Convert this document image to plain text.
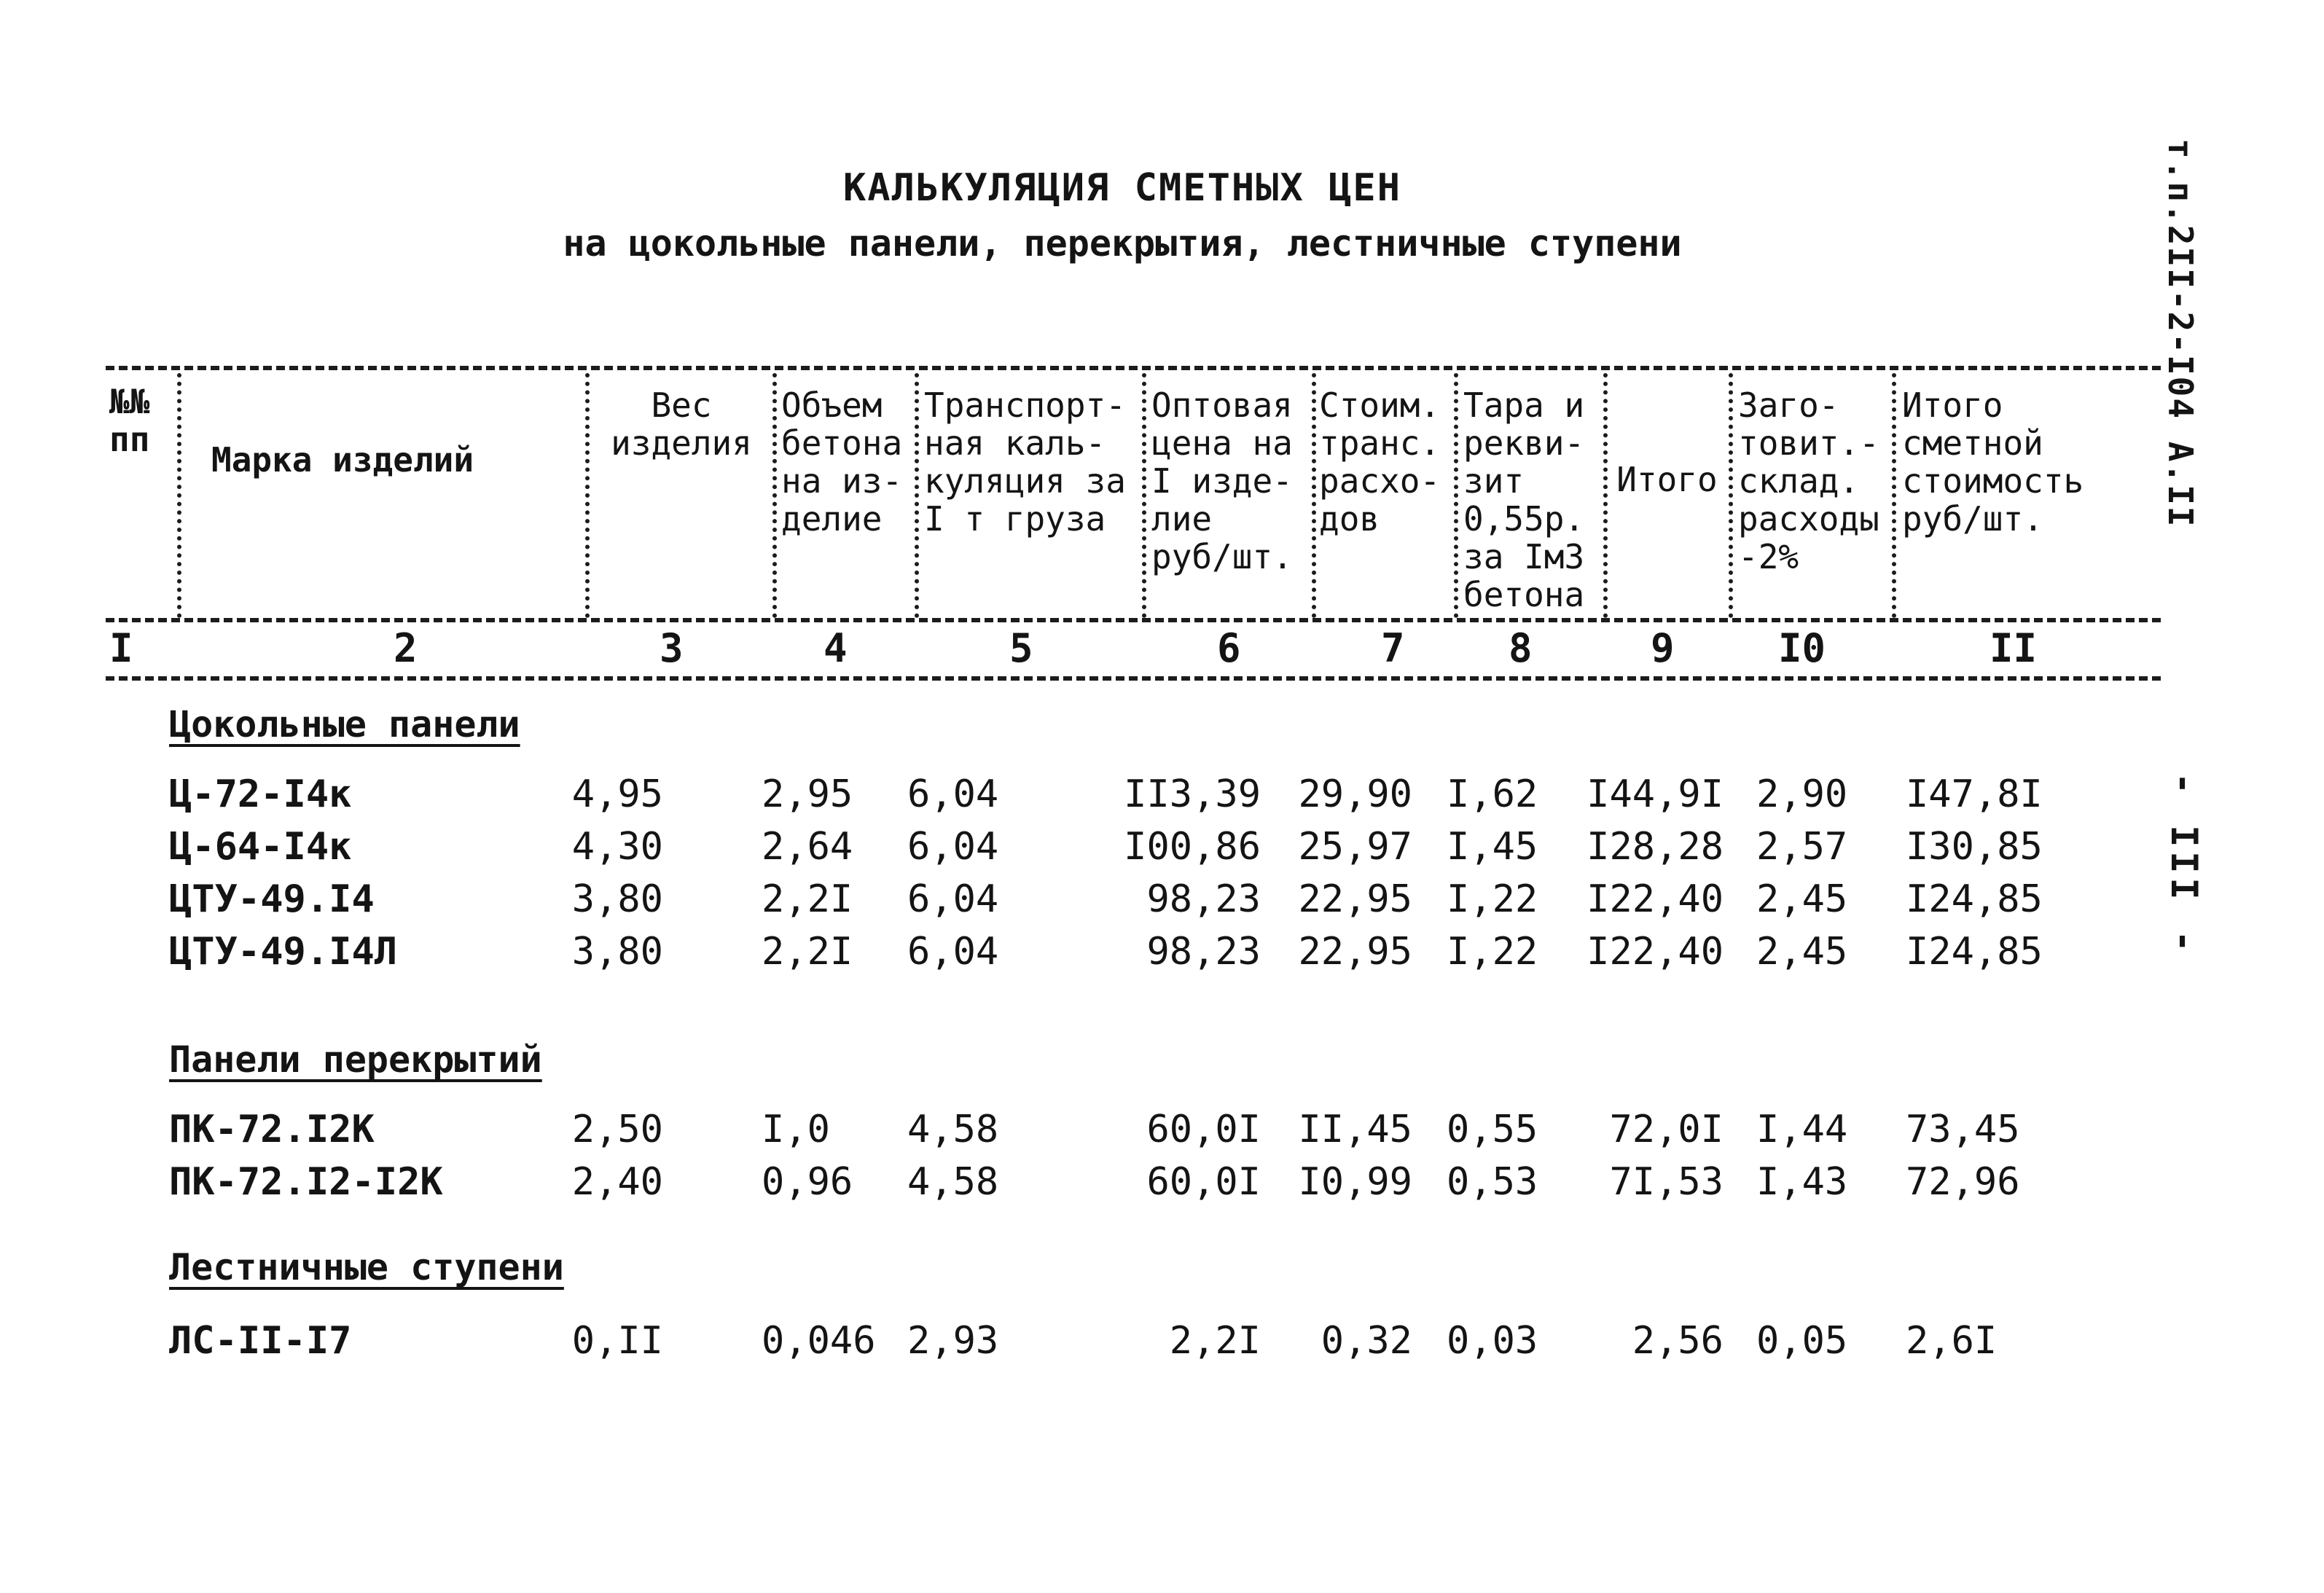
КАЛЬКУЛЯЦИЯ СМЕТНЫХ ЦЕН
на цокольные панели, перекрытия, лестничные ступени	т.п.2II-2-I04 А.II
- III -
№№ пп
Марка изделий
Вес изделия
Объем бетона на из- делие
Транспорт- ная каль- куляция за I т груза
Оптовая цена на I изде- лие руб/шт.
Стоим. транс. расхо- дов
Тара и рекви- зит 0,55р. за Iм3 бетона
Итого
Заго- товит.- склад. расходы -2%
Итого сметной стоимость руб/шт.
I	2	3	4	5	6	7	8	9	I0	II
Цокольные панели
Ц-72-I4к	4,95	2,95 6,04	II3,39 29,90 I,62	I44,9I 2,90 I47,8I
Ц-64-I4к	4,30	2,64 6,04	I00,86 25,97 I,45	I28,28 2,57 I30,85
ЦТУ-49.I4	3,80	2,2I 6,04	98,23 22,95 I,22	I22,40 2,45 I24,85
ЦТУ-49.I4Л	3,80	2,2I 6,04	98,23 22,95 I,22	I22,40 2,45 I24,85
Панели перекрытий
ПК-72.I2К	2,50	I,0 4,58	60,0I II,45 0,55	72,0I I,44 73,45
ПК-72.I2-I2К	2,40	0,96 4,58	60,0I I0,99 0,53	7I,53 I,43 72,96
Лестничные ступени
ЛС-II-I7	0,II	0,046 2,93	2,2I	0,32 0,03	2,56 0,05 2,6I
